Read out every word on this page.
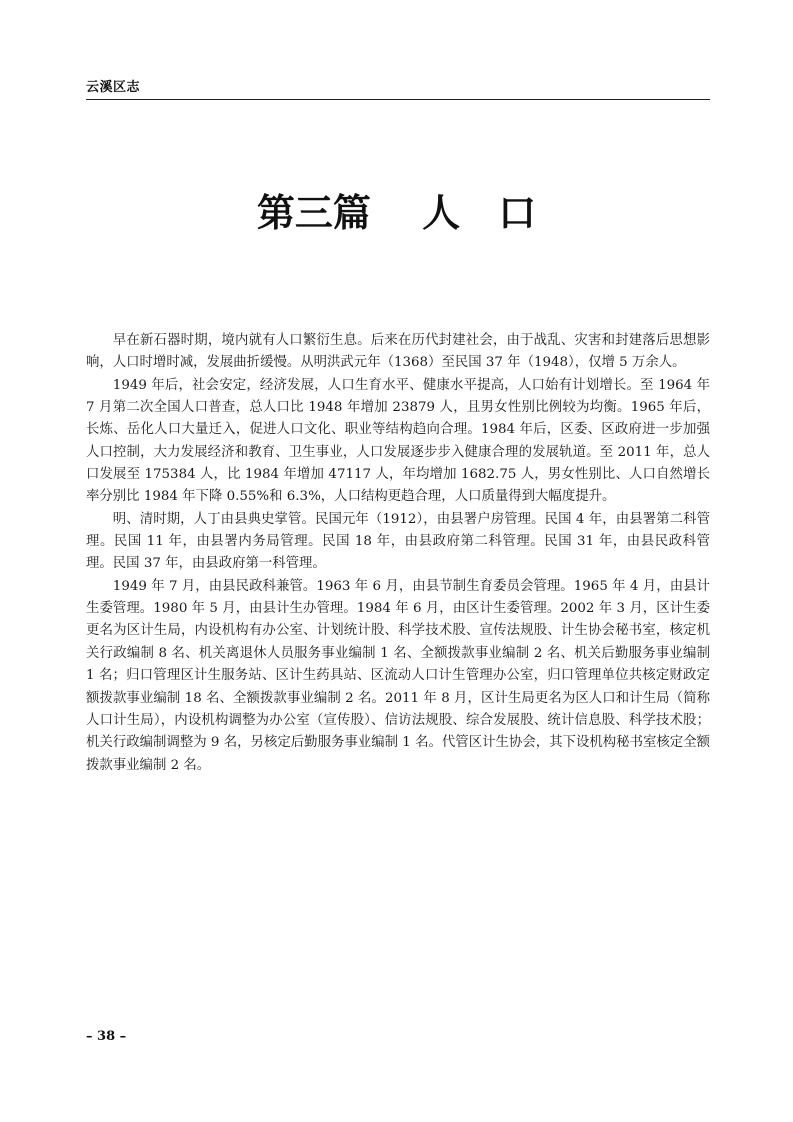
云溪区志
第三篇　 人　口

早在新石器时期，境内就有人口繁衍生息。后来在历代封建社会，由于战乱、灾害和封建落后思想影响，人口时增时减，发展曲折缓慢。从明洪武元年（1368）至民国 37 年（1948），仅增 5 万余人。

1949 年后，社会安定，经济发展，人口生育水平、健康水平提高，人口始有计划增长。至 1964 年 7 月第二次全国人口普查，总人口比 1948 年增加 23879 人，且男女性别比例较为均衡。1965 年后，长炼、岳化人口大量迁入，促进人口文化、职业等结构趋向合理。1984 年后，区委、区政府进一步加强人口控制，大力发展经济和教育、卫生事业，人口发展逐步步入健康合理的发展轨道。至 2011 年，总人口发展至 175384 人，比 1984 年增加 47117 人，年均增加 1682.75 人，男女性别比、人口自然增长率分别比 1984 年下降 0.55%和 6.3%，人口结构更趋合理，人口质量得到大幅度提升。

明、清时期，人丁由县典史掌管。民国元年（1912），由县署户房管理。民国 4 年，由县署第二科管理。民国 11 年，由县署内务局管理。民国 18 年，由县政府第二科管理。民国 31 年，由县民政科管理。民国 37 年，由县政府第一科管理。

1949 年 7 月，由县民政科兼管。1963 年 6 月，由县节制生育委员会管理。1965 年 4 月，由县计生委管理。1980 年 5 月，由县计生办管理。1984 年 6 月，由区计生委管理。2002 年 3 月，区计生委更名为区计生局，内设机构有办公室、计划统计股、科学技术股、宣传法规股、计生协会秘书室，核定机关行政编制 8 名、机关离退休人员服务事业编制 1 名、全额拨款事业编制 2 名、机关后勤服务事业编制 1 名；归口管理区计生服务站、区计生药具站、区流动人口计生管理办公室，归口管理单位共核定财政定额拨款事业编制 18 名、全额拨款事业编制 2 名。2011 年 8 月，区计生局更名为区人口和计生局（简称人口计生局），内设机构调整为办公室（宣传股）、信访法规股、综合发展股、统计信息股、科学技术股；机关行政编制调整为 9 名，另核定后勤服务事业编制 1 名。代管区计生协会，其下设机构秘书室核定全额拨款事业编制 2 名。

– 38 –
